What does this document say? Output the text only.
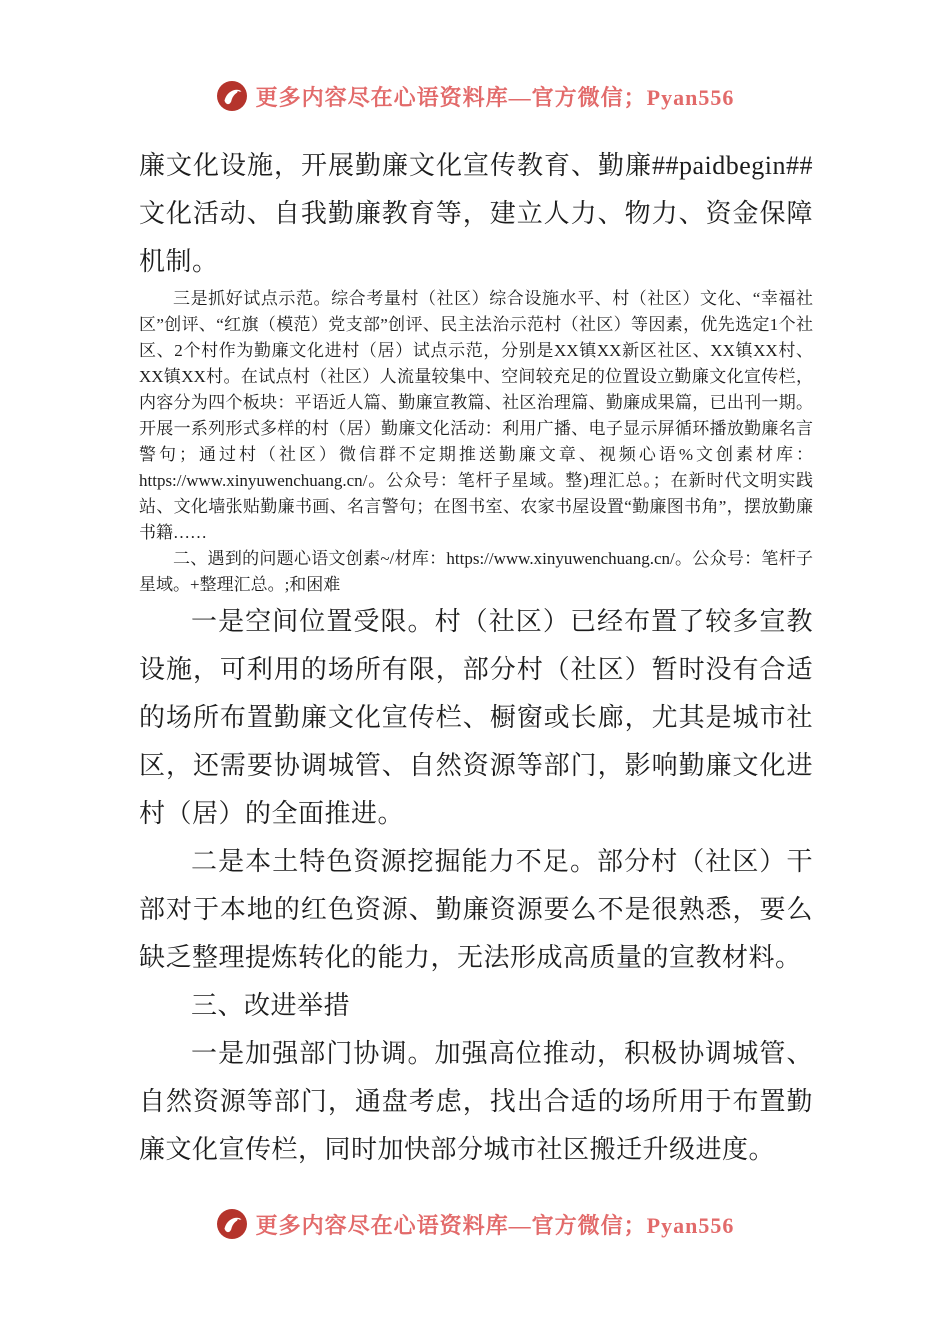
更多内容尽在心语资料库—官方微信；Pyan556

廉文化设施，开展勤廉文化宣传教育、勤廉##paidbegin##文化活动、自我勤廉教育等，建立人力、物力、资金保障机制。

三是抓好试点示范。综合考量村（社区）综合设施水平、村（社区）文化、“幸福社区”创评、“红旗（模范）党支部”创评、民主法治示范村（社区）等因素，优先选定1个社区、2个村作为勤廉文化进村（居）试点示范，分别是XX镇XX新区社区、XX镇XX村、XX镇XX村。在试点村（社区）人流量较集中、空间较充足的位置设立勤廉文化宣传栏，内容分为四个板块：平语近人篇、勤廉宣教篇、社区治理篇、勤廉成果篇，已出刊一期。开展一系列形式多样的村（居）勤廉文化活动：利用广播、电子显示屏循环播放勤廉名言警句；通过村（社区）微信群不定期推送勤廉文章、视频心语%文创素材库：https://www.xinyuwenchuang.cn/。公众号：笔杆子星域。整)理汇总。；在新时代文明实践站、文化墙张贴勤廉书画、名言警句；在图书室、农家书屋设置“勤廉图书角”，摆放勤廉书籍……

二、遇到的问题心语文创素~/材库：https://www.xinyuwenchuang.cn/。公众号：笔杆子星域。+整理汇总。;和困难

一是空间位置受限。村（社区）已经布置了较多宣教设施，可利用的场所有限，部分村（社区）暂时没有合适的场所布置勤廉文化宣传栏、橱窗或长廊，尤其是城市社区，还需要协调城管、自然资源等部门，影响勤廉文化进村（居）的全面推进。

二是本土特色资源挖掘能力不足。部分村（社区）干部对于本地的红色资源、勤廉资源要么不是很熟悉，要么缺乏整理提炼转化的能力，无法形成高质量的宣教材料。

三、改进举措

一是加强部门协调。加强高位推动，积极协调城管、自然资源等部门，通盘考虑，找出合适的场所用于布置勤廉文化宣传栏，同时加快部分城市社区搬迁升级进度。

更多内容尽在心语资料库—官方微信；Pyan556
